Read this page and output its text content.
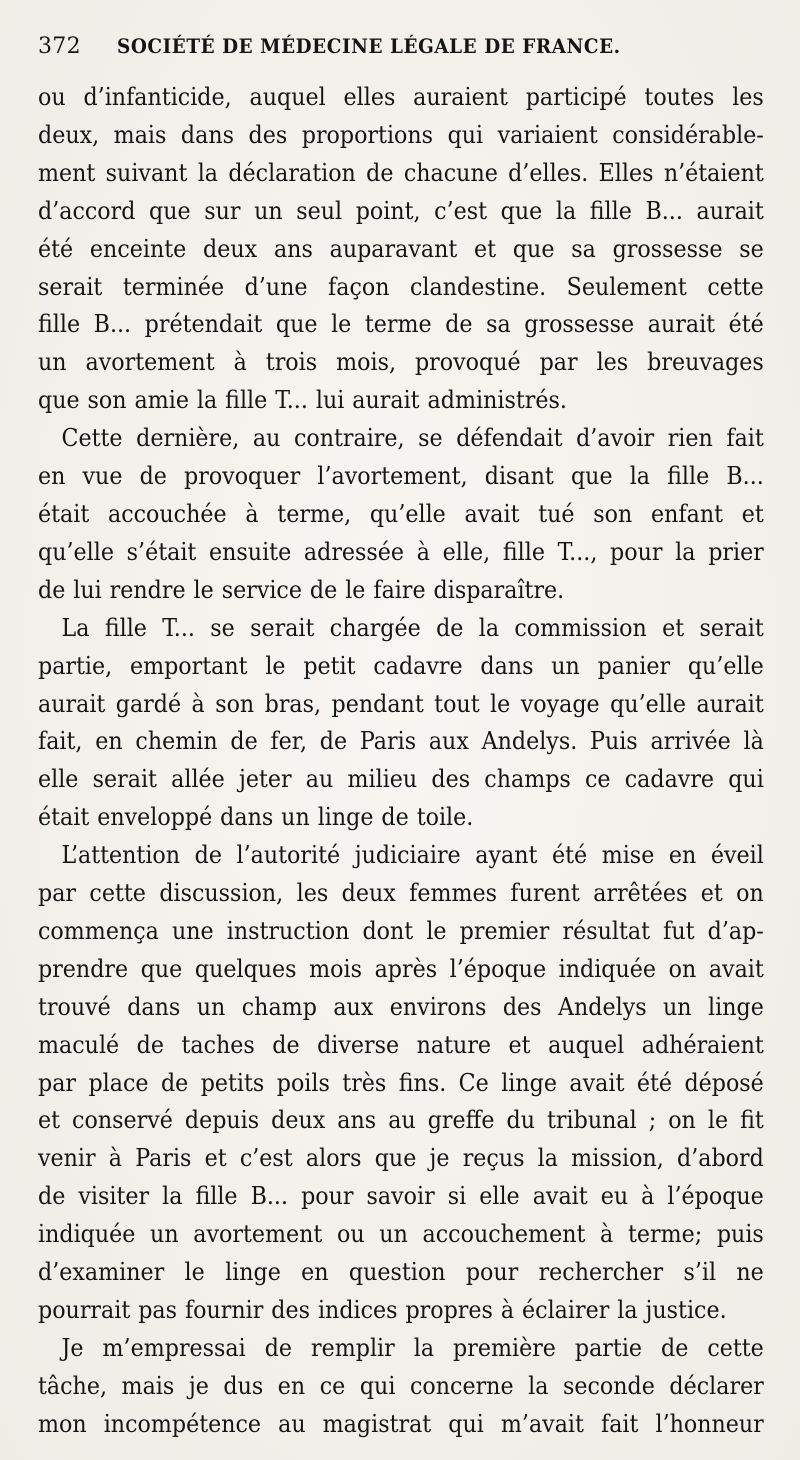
372 SOCIÉTÉ DE MÉDECINE LÉGALE DE FRANCE.
ou d’infanticide, auquel elles auraient participé toutes les
deux, mais dans des proportions qui variaient considérable-
ment suivant la déclaration de chacune d’elles. Elles n’étaient
d’accord que sur un seul point, c’est que la fille B... aurait
été enceinte deux ans auparavant et que sa grossesse se
serait terminée d’une façon clandestine. Seulement cette
fille B... prétendait que le terme de sa grossesse aurait été
un avortement à trois mois, provoqué par les breuvages
que son amie la fille T... lui aurait administrés.
Cette dernière, au contraire, se défendait d’avoir rien fait
en vue de provoquer l’avortement, disant que la fille B...
était accouchée à terme, qu’elle avait tué son enfant et
qu’elle s’était ensuite adressée à elle, fille T..., pour la prier
de lui rendre le service de le faire disparaître.
La fille T... se serait chargée de la commission et serait
partie, emportant le petit cadavre dans un panier qu’elle
aurait gardé à son bras, pendant tout le voyage qu’elle aurait
fait, en chemin de fer, de Paris aux Andelys. Puis arrivée là
elle serait allée jeter au milieu des champs ce cadavre qui
était enveloppé dans un linge de toile.
L’attention de l’autorité judiciaire ayant été mise en éveil
par cette discussion, les deux femmes furent arrêtées et on
commença une instruction dont le premier résultat fut d’ap-
prendre que quelques mois après l’époque indiquée on avait
trouvé dans un champ aux environs des Andelys un linge
maculé de taches de diverse nature et auquel adhéraient
par place de petits poils très fins. Ce linge avait été déposé
et conservé depuis deux ans au greffe du tribunal ; on le fit
venir à Paris et c’est alors que je reçus la mission, d’abord
de visiter la fille B... pour savoir si elle avait eu à l’époque
indiquée un avortement ou un accouchement à terme; puis
d’examiner le linge en question pour rechercher s’il ne
pourrait pas fournir des indices propres à éclairer la justice.
Je m’empressai de remplir la première partie de cette
tâche, mais je dus en ce qui concerne la seconde déclarer
mon incompétence au magistrat qui m’avait fait l’honneur
